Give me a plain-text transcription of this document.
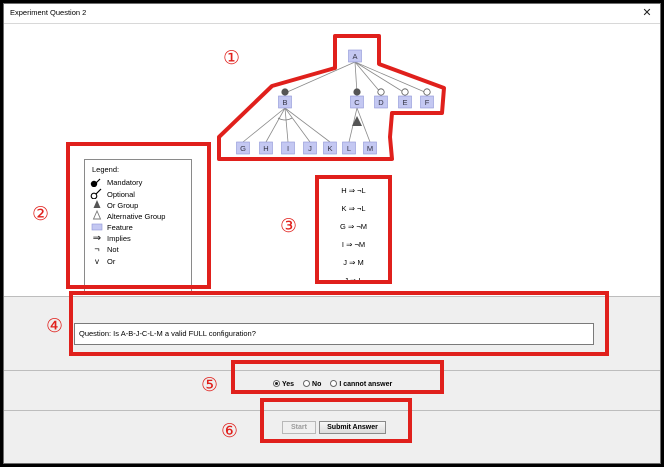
Experiment Question 2	✕
A
B	C D	E F
G H I	J K L M
Legend:
Mandatory
Optional
Or Group
Alternative Group
Feature
⇒ Implies
¬ Not
v Or
H ⇒ ¬L
K ⇒ ¬L
G ⇒ ¬M
I ⇒ ¬M
J ⇒ M
J ⇒ L
Question: Is A-B-J-C-L-M a valid FULL configuration?
Yes	No	I cannot answer
Start	Submit Answer
①
②
③
④
⑤
⑥
